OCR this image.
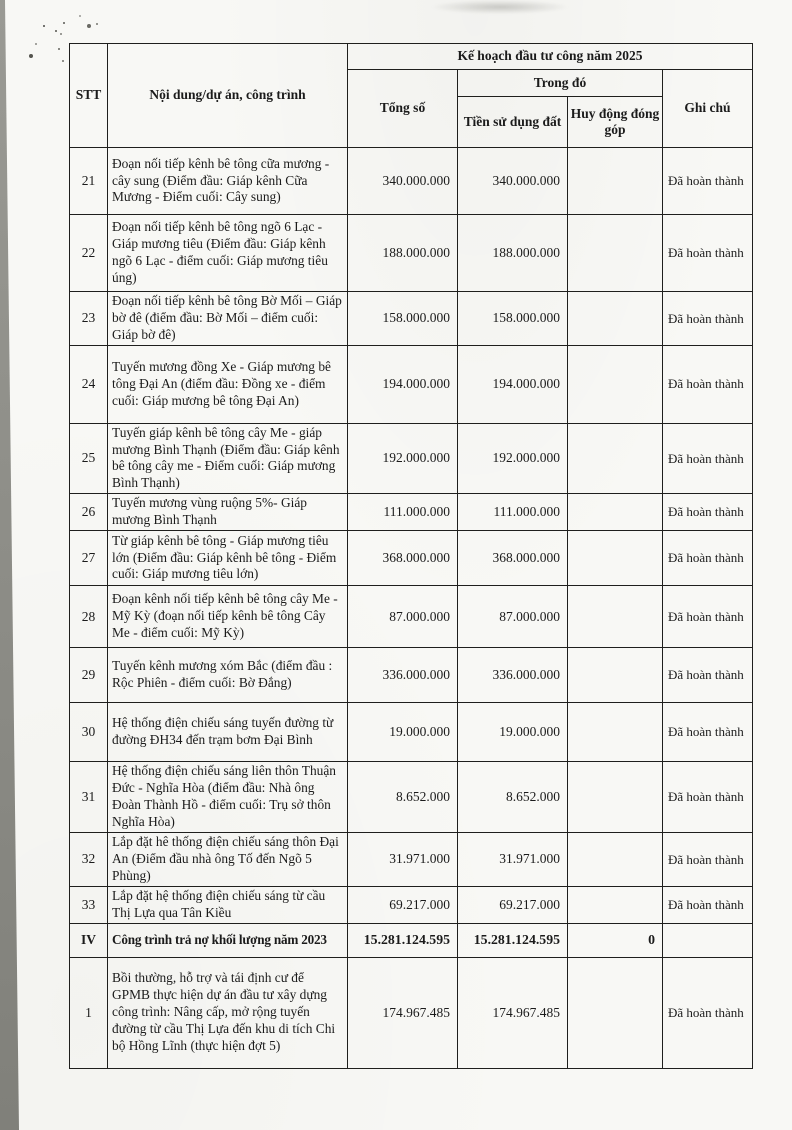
STT	Nội dung/dự án, công trình	Kế hoạch đầu tư công năm 2025			
		Tổng số	Trong đó		Ghi chú
			Tiền sử dụng đất	Huy động đóng góp	
21	Đoạn nối tiếp kênh bê tông cữa mương - cây sung (Điểm đầu: Giáp kênh Cữa Mương - Điểm cuối: Cây sung)	340.000.000	340.000.000		Đã hoàn thành
22	Đoạn nối tiếp kênh bê tông ngõ 6 Lạc - Giáp mương tiêu (Điểm đầu: Giáp kênh ngõ 6 Lạc - điểm cuối: Giáp mương tiêu úng)	188.000.000	188.000.000		Đã hoàn thành
23	Đoạn nối tiếp kênh bê tông Bờ Mối – Giáp bờ đê (điểm đầu: Bờ Mối – điểm cuối: Giáp bờ đê)	158.000.000	158.000.000		Đã hoàn thành
24	Tuyến mương đồng Xe - Giáp mương bê tông Đại An (điểm đầu: Đồng xe - điểm cuối: Giáp mương bê tông Đại An)	194.000.000	194.000.000		Đã hoàn thành
25	Tuyến giáp kênh bê tông cây Me - giáp mương Bình Thạnh (Điểm đầu: Giáp kênh bê tông cây me - Điểm cuối: Giáp mương Bình Thạnh)	192.000.000	192.000.000		Đã hoàn thành
26	Tuyến mương vùng ruộng 5%- Giáp mương Bình Thạnh	111.000.000	111.000.000		Đã hoàn thành
27	Từ giáp kênh bê tông - Giáp mương tiêu lớn (Điểm đầu: Giáp kênh bê tông - Điểm cuối: Giáp mương tiêu lớn)	368.000.000	368.000.000		Đã hoàn thành
28	Đoạn kênh nối tiếp kênh bê tông cây Me - Mỹ Kỳ (đoạn nối tiếp kênh bê tông Cây Me - điểm cuối: Mỹ Kỳ)	87.000.000	87.000.000		Đã hoàn thành
29	Tuyến kênh mương xóm Bắc (điểm đầu : Rộc Phiên - điểm cuối: Bờ Đắng)	336.000.000	336.000.000		Đã hoàn thành
30	Hệ thống điện chiếu sáng tuyến đường từ đường ĐH34 đến trạm bơm Đại Bình	19.000.000	19.000.000		Đã hoàn thành
31	Hệ thống điện chiếu sáng liên thôn Thuận Đức - Nghĩa Hòa (điểm đầu: Nhà ông Đoàn Thành Hồ - điểm cuối: Trụ sở thôn Nghĩa Hòa)	8.652.000	8.652.000		Đã hoàn thành
32	Lắp đặt hê thống điện chiếu sáng thôn Đại An (Điểm đầu nhà ông Tố đến Ngõ 5 Phùng)	31.971.000	31.971.000		Đã hoàn thành
33	Lắp đặt hệ thống điện chiếu sáng từ cầu Thị Lựa qua Tân Kiều	69.217.000	69.217.000		Đã hoàn thành
IV	Công trình trả nợ khối lượng năm 2023	15.281.124.595	15.281.124.595	0	
1	Bồi thường, hỗ trợ và tái định cư để GPMB thực hiện dự án đầu tư xây dựng công trình: Nâng cấp, mở rộng tuyến đường từ cầu Thị Lựa đến khu di tích Chi bộ Hồng Lĩnh (thực hiện đợt 5)	174.967.485	174.967.485		Đã hoàn thành
